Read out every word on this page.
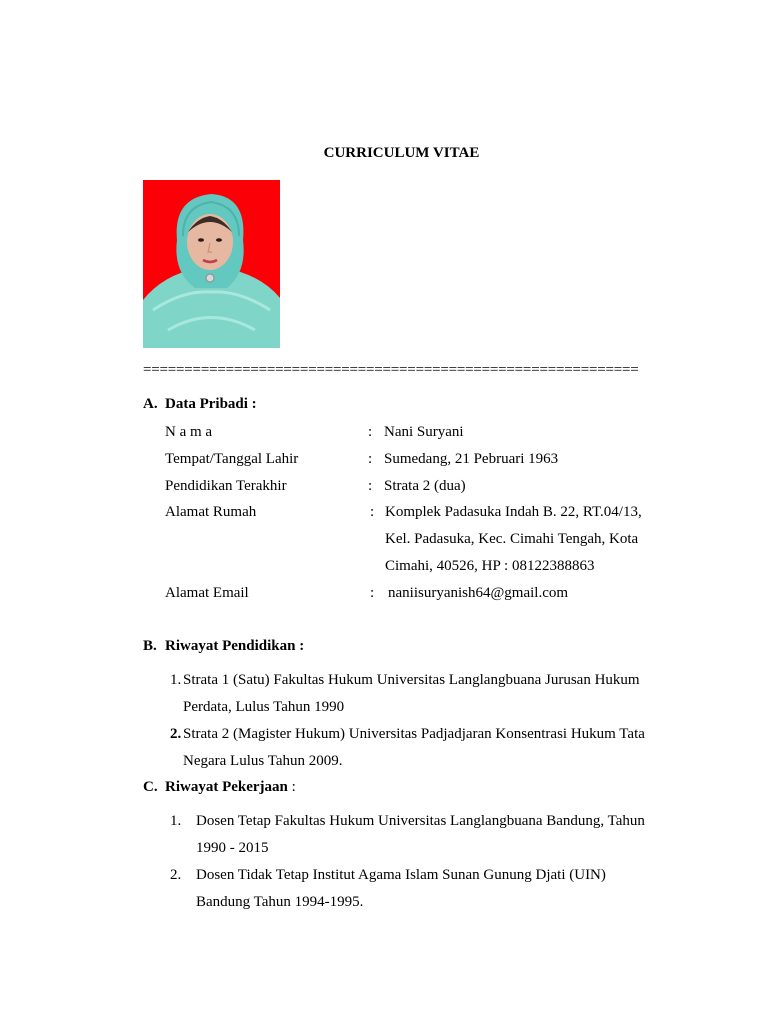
CURRICULUM VITAE
============================================================
A. Data Pribadi :
N a m a	: Nani Suryani
Tempat/Tanggal Lahir	: Sumedang, 21 Pebruari 1963
Pendidikan Terakhir	: Strata 2 (dua)
Alamat Rumah	: Komplek Padasuka Indah B. 22, RT.04/13,
Kel. Padasuka, Kec. Cimahi Tengah, Kota
Cimahi, 40526, HP : 08122388863
Alamat Email	: naniisuryanish64@gmail.com
B. Riwayat Pendidikan :
1. Strata 1 (Satu) Fakultas Hukum Universitas Langlangbuana Jurusan Hukum
Perdata, Lulus Tahun 1990
2. Strata 2 (Magister Hukum) Universitas Padjadjaran Konsentrasi Hukum Tata
Negara Lulus Tahun 2009.
C. Riwayat Pekerjaan :
1. Dosen Tetap Fakultas Hukum Universitas Langlangbuana Bandung, Tahun
1990 - 2015
2. Dosen Tidak Tetap Institut Agama Islam Sunan Gunung Djati (UIN)
Bandung Tahun 1994-1995.
